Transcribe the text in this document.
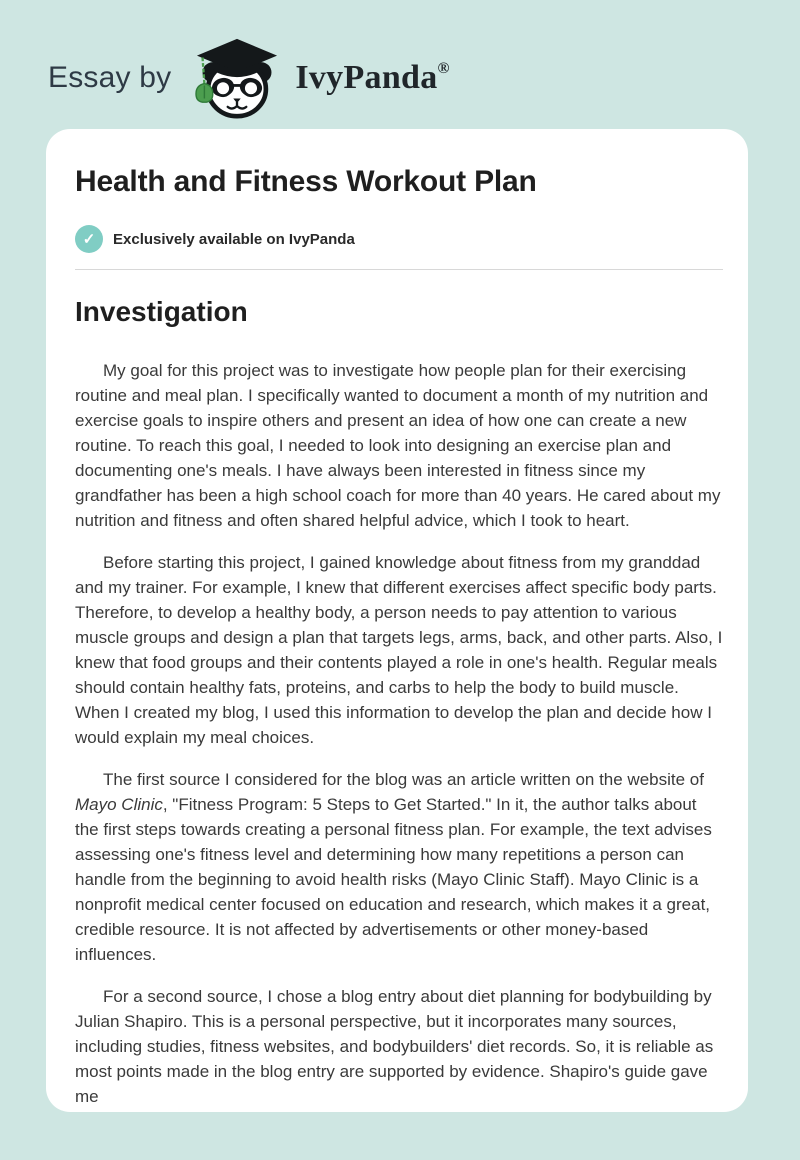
Essay by	IvyPanda ®
Health and Fitness Workout Plan
✓	Exclusively available on IvyPanda
Investigation

My goal for this project was to investigate how people plan for their exercising routine and meal plan. I specifically wanted to document a month of my nutrition and exercise goals to inspire others and present an idea of how one can create a new routine. To reach this goal, I needed to look into designing an exercise plan and documenting one's meals. I have always been interested in fitness since my grandfather has been a high school coach for more than 40 years. He cared about my nutrition and fitness and often shared helpful advice, which I took to heart.

Before starting this project, I gained knowledge about fitness from my granddad and my trainer. For example, I knew that different exercises affect specific body parts. Therefore, to develop a healthy body, a person needs to pay attention to various muscle groups and design a plan that targets legs, arms, back, and other parts. Also, I knew that food groups and their contents played a role in one's health. Regular meals should contain healthy fats, proteins, and carbs to help the body to build muscle. When I created my blog, I used this information to develop the plan and decide how I would explain my meal choices.

The first source I considered for the blog was an article written on the website of Mayo Clinic, "Fitness Program: 5 Steps to Get Started." In it, the author talks about the first steps towards creating a personal fitness plan. For example, the text advises assessing one's fitness level and determining how many repetitions a person can handle from the beginning to avoid health risks (Mayo Clinic Staff). Mayo Clinic is a nonprofit medical center focused on education and research, which makes it a great, credible resource. It is not affected by advertisements or other money-based influences.

For a second source, I chose a blog entry about diet planning for bodybuilding by Julian Shapiro. This is a personal perspective, but it incorporates many sources, including studies, fitness websites, and bodybuilders' diet records. So, it is reliable as most points made in the blog entry are supported by evidence. Shapiro's guide gave me
